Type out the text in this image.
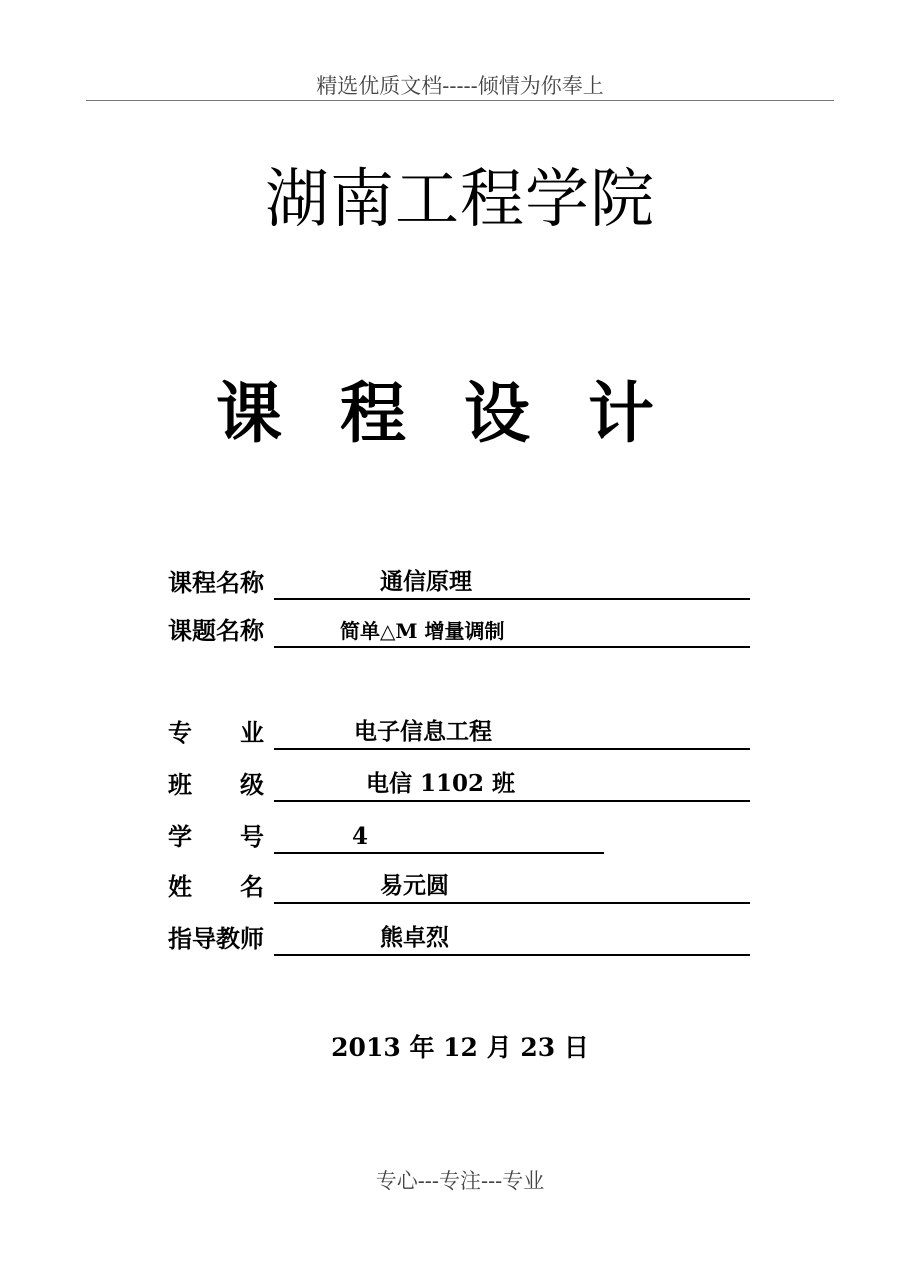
精选优质文档-----倾情为你奉上
湖南工程学院
课程设计
课程名称	通信原理
课题名称	简单△M 增量调制
专业 电子信息工程
班级 电信 1102 班
学号 4
姓名	易元圆
指导教师	熊卓烈
2013 年 12 月 23 日
专心---专注---专业
